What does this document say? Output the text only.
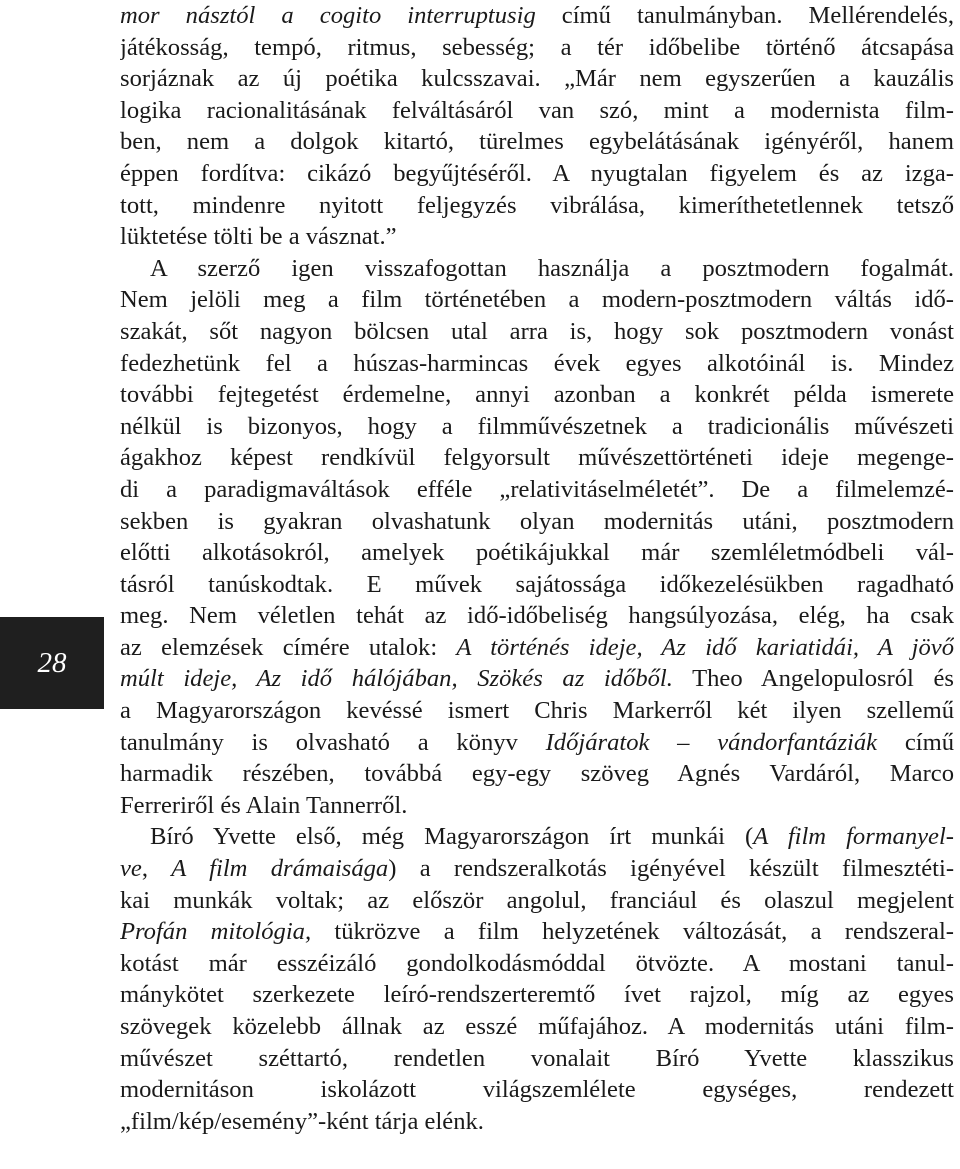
28
mor násztól a cogito interruptusig című tanulmányban. Mellérendelés,
játékosság, tempó, ritmus, sebesség; a tér időbelibe történő átcsapása
sorjáznak az új poétika kulcsszavai. „Már nem egyszerűen a kauzális
logika racionalitásának felváltásáról van szó, mint a modernista film-
ben, nem a dolgok kitartó, türelmes egybelátásának igényéről, hanem
éppen fordítva: cikázó begyűjtéséről. A nyugtalan figyelem és az izga-
tott, mindenre nyitott feljegyzés vibrálása, kimeríthetetlennek tetsző
lüktetése tölti be a vásznat.”
A szerző igen visszafogottan használja a posztmodern fogalmát.
Nem jelöli meg a film történetében a modern-posztmodern váltás idő-
szakát, sőt nagyon bölcsen utal arra is, hogy sok posztmodern vonást
fedezhetünk fel a húszas-harmincas évek egyes alkotóinál is. Mindez
további fejtegetést érdemelne, annyi azonban a konkrét példa ismerete
nélkül is bizonyos, hogy a filmművészetnek a tradicionális művészeti
ágakhoz képest rendkívül felgyorsult művészettörténeti ideje megenge-
di a paradigmaváltások efféle „relativitáselméletét”. De a filmelemzé-
sekben is gyakran olvashatunk olyan modernitás utáni, posztmodern
előtti alkotásokról, amelyek poétikájukkal már szemléletmódbeli vál-
tásról tanúskodtak. E művek sajátossága időkezelésükben ragadható
meg. Nem véletlen tehát az idő-időbeliség hangsúlyozása, elég, ha csak
az elemzések címére utalok: A történés ideje, Az idő kariatidái, A jövő
múlt ideje, Az idő hálójában, Szökés az időből. Theo Angelopulosról és
a Magyarországon kevéssé ismert Chris Markerről két ilyen szellemű
tanulmány is olvasható a könyv Időjáratok – vándorfantáziák című
harmadik részében, továbbá egy-egy szöveg Agnés Vardáról, Marco
Ferreriről és Alain Tannerről.
Bíró Yvette első, még Magyarországon írt munkái (A film formanyel-
ve, A film drámaisága) a rendszeralkotás igényével készült filmesztéti-
kai munkák voltak; az először angolul, franciául és olaszul megjelent
Profán mitológia, tükrözve a film helyzetének változását, a rendszeral-
kotást már esszéizáló gondolkodásmóddal ötvözte. A mostani tanul-
mánykötet szerkezete leíró-rendszerteremtő ívet rajzol, míg az egyes
szövegek közelebb állnak az esszé műfajához. A modernitás utáni film-
művészet széttartó, rendetlen vonalait Bíró Yvette klasszikus
modernitáson iskolázott világszemlélete egységes, rendezett
„film/kép/esemény”-ként tárja elénk.
